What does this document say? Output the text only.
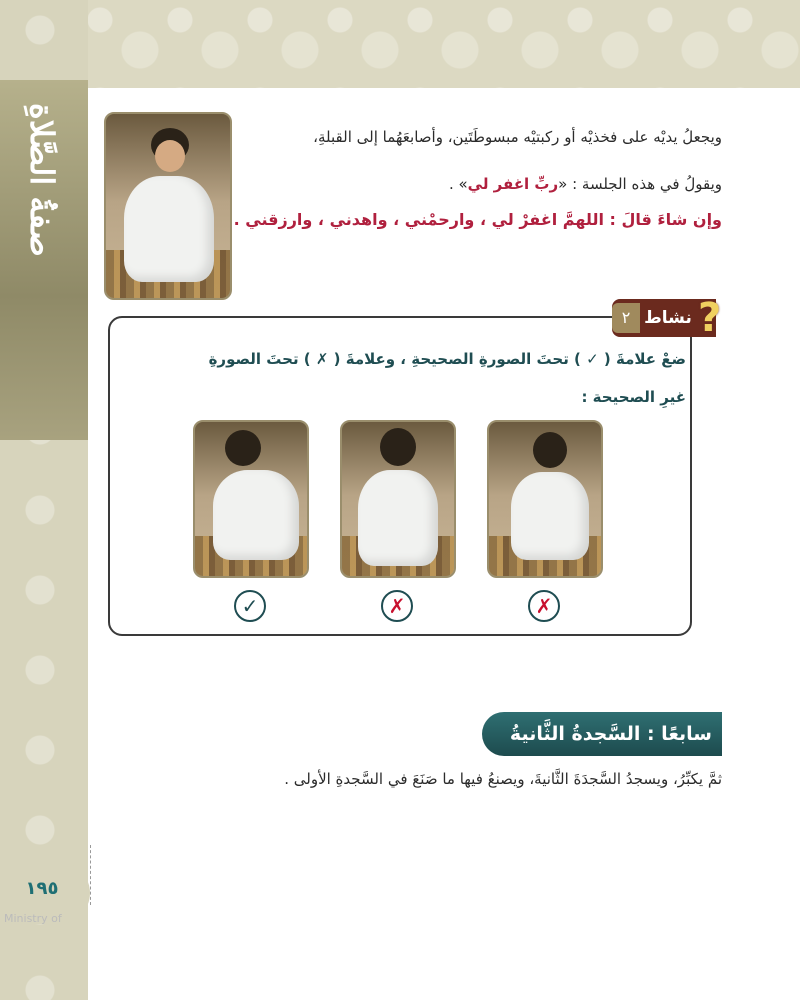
صفةُ الصَّلاةِ	ويجعلُ يديْه على فخذيْه أو ركبتيْه مبسوطَتَين، وأصابعَهُما إلى القبلةِ،
ويقولُ في هذه الجلسة : «ربِّ اغفر لي» .
وإن شاءَ قالَ : اللهمَّ اغفرْ لي ، وارحمْني ، واهدني ، وارزقني .
٢ نشاط ?
ضعْ علامةَ ( ✓ ) تحتَ الصورةِ الصحيحةِ ، وعلامةَ ( ✗ ) تحتَ الصورةِ
غيرِ الصحيحة :
✓	✗	✗
سابعًا : السَّجدةُ الثَّانيةُ
ثمَّ يكبِّرُ، ويسجدُ السَّجدَةَ الثَّانيةَ، ويصنعُ فيها ما صَنَعَ في السَّجدةِ الأولى .
١٩٥
Ministry of
